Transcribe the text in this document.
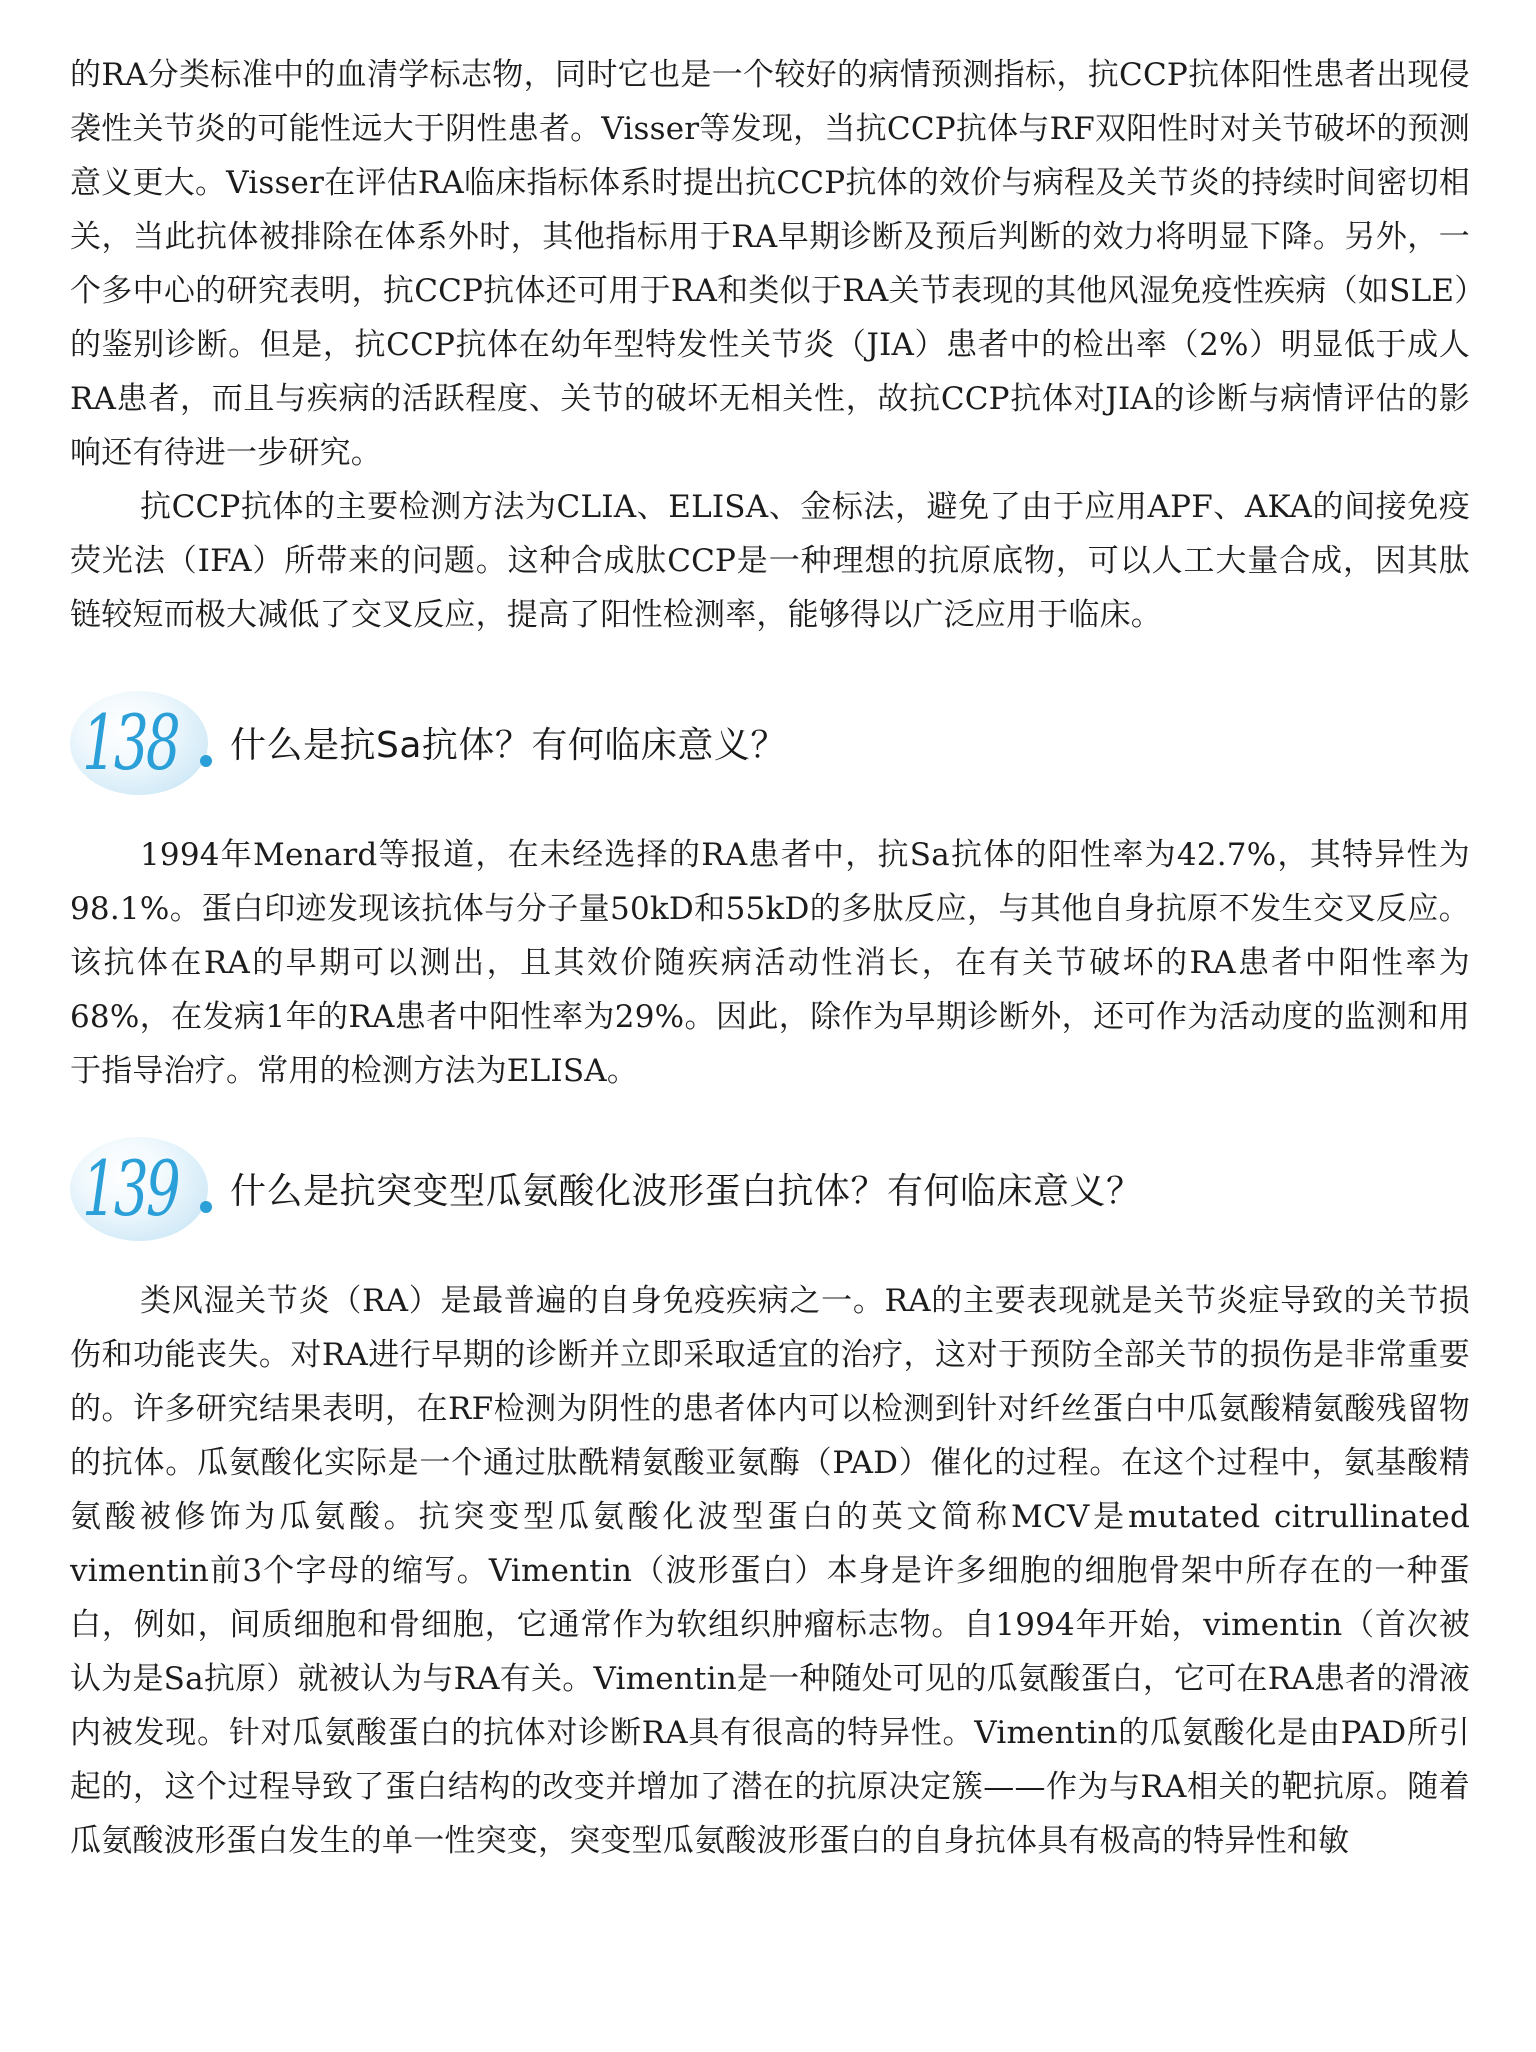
的RA分类标准中的血清学标志物，同时它也是一个较好的病情预测指标，抗CCP抗体阳性患者出现侵袭性关节炎的可能性远大于阴性患者。Visser等发现，当抗CCP抗体与RF双阳性时对关节破坏的预测意义更大。Visser在评估RA临床指标体系时提出抗CCP抗体的效价与病程及关节炎的持续时间密切相关，当此抗体被排除在体系外时，其他指标用于RA早期诊断及预后判断的效力将明显下降。另外，一个多中心的研究表明，抗CCP抗体还可用于RA和类似于RA关节表现的其他风湿免疫性疾病（如SLE）的鉴别诊断。但是，抗CCP抗体在幼年型特发性关节炎（JIA）患者中的检出率（2%）明显低于成人RA患者，而且与疾病的活跃程度、关节的破坏无相关性，故抗CCP抗体对JIA的诊断与病情评估的影响还有待进一步研究。

抗CCP抗体的主要检测方法为CLIA、ELISA、金标法，避免了由于应用APF、AKA的间接免疫荧光法（IFA）所带来的问题。这种合成肽CCP是一种理想的抗原底物，可以人工大量合成，因其肽链较短而极大减低了交叉反应，提高了阳性检测率，能够得以广泛应用于临床。

138 什么是抗Sa抗体？有何临床意义？

1994年Menard等报道，在未经选择的RA患者中，抗Sa抗体的阳性率为42.7%，其特异性为98.1%。蛋白印迹发现该抗体与分子量50kD和55kD的多肽反应，与其他自身抗原不发生交叉反应。该抗体在RA的早期可以测出，且其效价随疾病活动性消长，在有关节破坏的RA患者中阳性率为68%，在发病1年的RA患者中阳性率为29%。因此，除作为早期诊断外，还可作为活动度的监测和用于指导治疗。常用的检测方法为ELISA。

139 什么是抗突变型瓜氨酸化波形蛋白抗体？有何临床意义？

类风湿关节炎（RA）是最普遍的自身免疫疾病之一。RA的主要表现就是关节炎症导致的关节损伤和功能丧失。对RA进行早期的诊断并立即采取适宜的治疗，这对于预防全部关节的损伤是非常重要的。许多研究结果表明，在RF检测为阴性的患者体内可以检测到针对纤丝蛋白中瓜氨酸精氨酸残留物的抗体。瓜氨酸化实际是一个通过肽酰精氨酸亚氨酶（PAD）催化的过程。在这个过程中，氨基酸精氨酸被修饰为瓜氨酸。抗突变型瓜氨酸化波型蛋白的英文简称MCV是mutated citrullinated vimentin前3个字母的缩写。Vimentin（波形蛋白）本身是许多细胞的细胞骨架中所存在的一种蛋白，例如，间质细胞和骨细胞，它通常作为软组织肿瘤标志物。自1994年开始，vimentin（首次被认为是Sa抗原）就被认为与RA有关。Vimentin是一种随处可见的瓜氨酸蛋白，它可在RA患者的滑液内被发现。针对瓜氨酸蛋白的抗体对诊断RA具有很高的特异性。Vimentin的瓜氨酸化是由PAD所引起的，这个过程导致了蛋白结构的改变并增加了潜在的抗原决定簇——作为与RA相关的靶抗原。随着瓜氨酸波形蛋白发生的单一性突变，突变型瓜氨酸波形蛋白的自身抗体具有极高的特异性和敏
